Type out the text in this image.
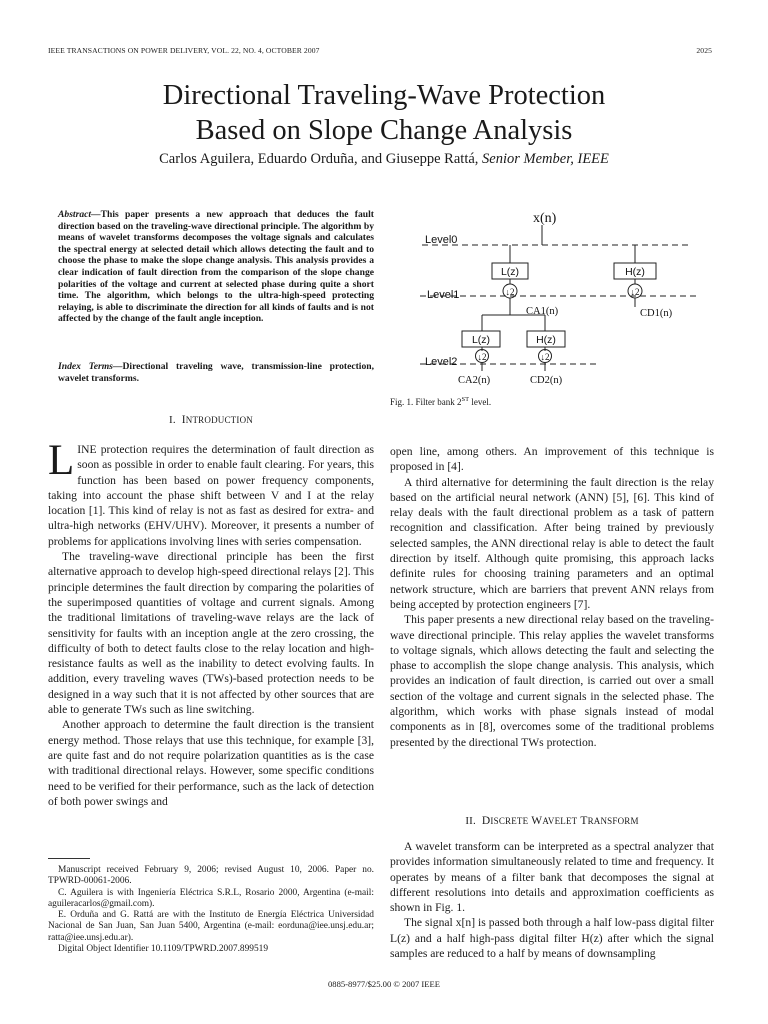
IEEE TRANSACTIONS ON POWER DELIVERY, VOL. 22, NO. 4, OCTOBER 2007	2025
Directional Traveling-Wave Protection
Based on Slope Change Analysis
Carlos Aguilera, Eduardo Orduña, and Giuseppe Rattá, Senior Member, IEEE
Abstract—This paper presents a new approach that deduces the fault direction based on the traveling-wave directional principle. The algorithm by means of wavelet transforms decomposes the voltage signals and calculates the spectral energy at selected detail which allows detecting the fault and to choose the phase to make the slope change analysis. This analysis provides a clear indication of fault direction from the comparison of the slope change polarities of the voltage and current at selected phase during quite a short time. The algorithm, which belongs to the ultra-high-speed protecting relaying, is able to discriminate the direction for all kinds of faults and is not affected by the change of the fault angle inception.
Index Terms—Directional traveling wave, transmission-line protection, wavelet transforms.
I. INTRODUCTION

LINE protection requires the determination of fault direction as soon as possible in order to enable fault clearing. For years, this function has been based on power frequency components, taking into account the phase shift between V and I at the relay location [1]. This kind of relay is not as fast as desired for extra- and ultra-high networks (EHV/UHV). Moreover, it presents a number of problems for applications involving lines with series compensation.

The traveling-wave directional principle has been the first alternative approach to develop high-speed directional relays [2]. This principle determines the fault direction by comparing the polarities of the superimposed quantities of voltage and current signals. Among the traditional limitations of traveling-wave relays are the lack of sensitivity for faults with an inception angle at the zero crossing, the difficulty of both to detect faults close to the relay location and high-resistance faults as well as the inability to detect evolving faults. In addition, every traveling waves (TWs)-based protection needs to be designed in a way such that it is not affected by other sources that are able to generate TWs such as line switching.

Another approach to determine the fault direction is the transient energy method. Those relays that use this technique, for example [3], are quite fast and do not require polarization quantities as is the case with traditional directional relays. However, some specific conditions need to be verified for their performance, such as the lack of detection of both power swings and

Manuscript received February 9, 2006; revised August 10, 2006. Paper no. TPWRD-00061-2006.

C. Aguilera is with Ingeniería Eléctrica S.R.L, Rosario 2000, Argentina (e-mail: aguileracarlos@gmail.com).

E. Orduña and G. Rattá are with the Instituto de Energía Eléctrica Universidad Nacional de San Juan, San Juan 5400, Argentina (e-mail: eorduna@iee.unsj.edu.ar; ratta@iee.unsj.edu.ar).

Digital Object Identifier 10.1109/TPWRD.2007.899519

x(n)
L(z)	H(z)
↓2	↓2
CA1(n)	CD1(n)
L(z)	H(z)
↓2	↓2
CA2(n)	CD2(n)
Level0
Level1
Level2
Fig. 1. Filter bank 2ST level.

open line, among others. An improvement of this technique is proposed in [4].

A third alternative for determining the fault direction is the relay based on the artificial neural network (ANN) [5], [6]. This kind of relay deals with the fault directional problem as a task of pattern recognition and classification. After being trained by previously selected samples, the ANN directional relay is able to detect the fault direction by itself. Although quite promising, this approach lacks definite rules for choosing training parameters and an optimal network structure, which are barriers that prevent ANN relays from being accepted by protection engineers [7].

This paper presents a new directional relay based on the traveling-wave directional principle. This relay applies the wavelet transforms to voltage signals, which allows detecting the fault and selecting the phase to accomplish the slope change analysis. This analysis, which provides an indication of fault direction, is carried out over a small section of the voltage and current signals in the selected phase. The algorithm, which works with phase signals instead of modal components as in [8], overcomes some of the traditional problems presented by the directional TWs protection.

II. DISCRETE WAVELET TRANSFORM

A wavelet transform can be interpreted as a spectral analyzer that provides information simultaneously related to time and frequency. It operates by means of a filter bank that decomposes the signal at different resolutions into details and approximation coefficients as shown in Fig. 1.

The signal x[n] is passed both through a half low-pass digital filter L(z) and a half high-pass digital filter H(z) after which the signal samples are reduced to a half by means of downsampling

0885-8977/$25.00 © 2007 IEEE
